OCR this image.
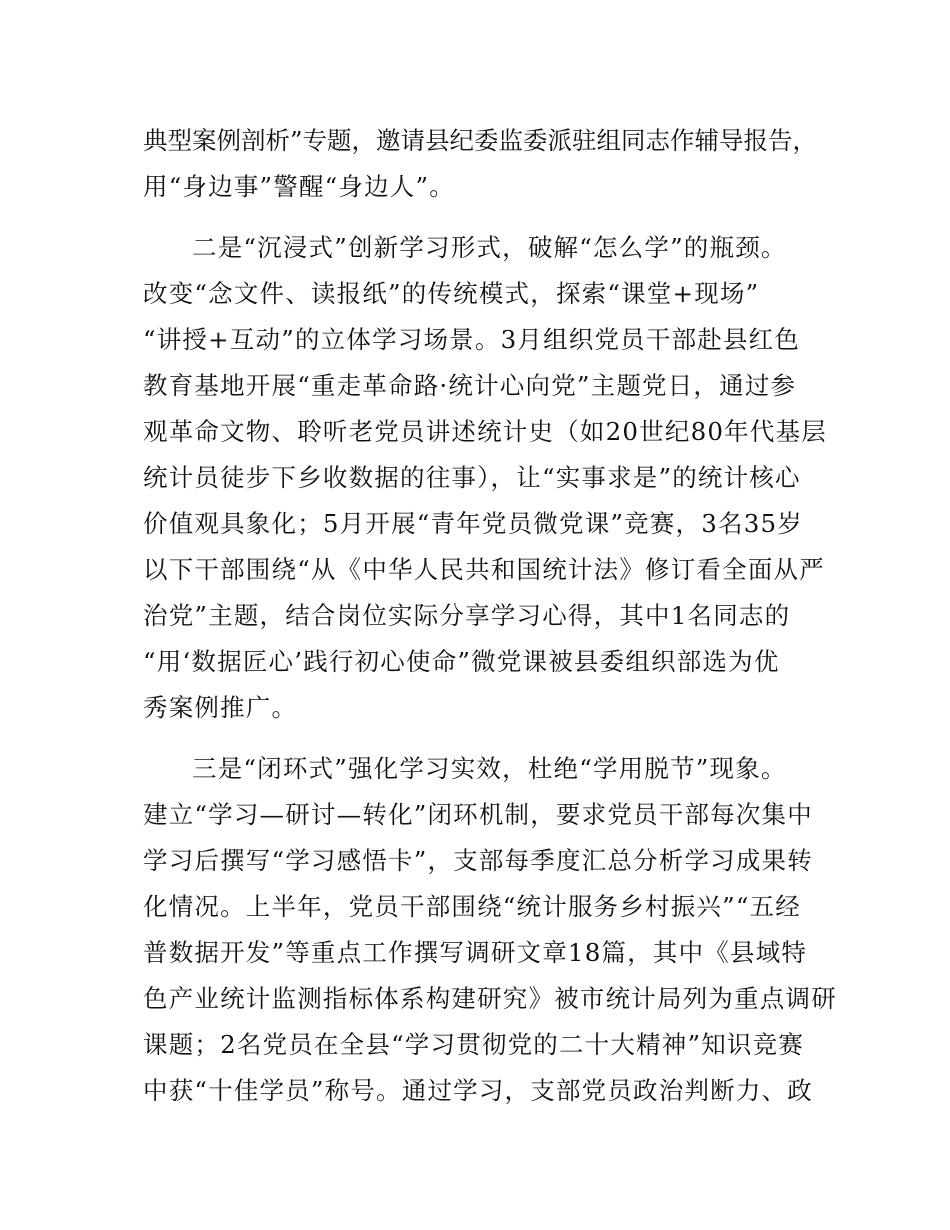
典型案例剖析”专题，邀请县纪委监委派驻组同志作辅导报告，
用“身边事”警醒“身边人”。
二是“沉浸式”创新学习形式，破解“怎么学”的瓶颈。
改变“念文件、读报纸”的传统模式，探索“课堂+现场”
“讲授+互动”的立体学习场景。3月组织党员干部赴县红色
教育基地开展“重走革命路·统计心向党”主题党日，通过参
观革命文物、聆听老党员讲述统计史（如20世纪80年代基层
统计员徒步下乡收数据的往事），让“实事求是”的统计核心
价值观具象化；5月开展“青年党员微党课”竞赛，3名35岁
以下干部围绕“从《中华人民共和国统计法》修订看全面从严
治党”主题，结合岗位实际分享学习心得，其中1名同志的
“用‘数据匠心’践行初心使命”微党课被县委组织部选为优
秀案例推广。
三是“闭环式”强化学习实效，杜绝“学用脱节”现象。
建立“学习—研讨—转化”闭环机制，要求党员干部每次集中
学习后撰写“学习感悟卡”，支部每季度汇总分析学习成果转
化情况。上半年，党员干部围绕“统计服务乡村振兴”“五经
普数据开发”等重点工作撰写调研文章18篇，其中《县域特
色产业统计监测指标体系构建研究》被市统计局列为重点调研
课题；2名党员在全县“学习贯彻党的二十大精神”知识竞赛
中获“十佳学员”称号。通过学习，支部党员政治判断力、政
